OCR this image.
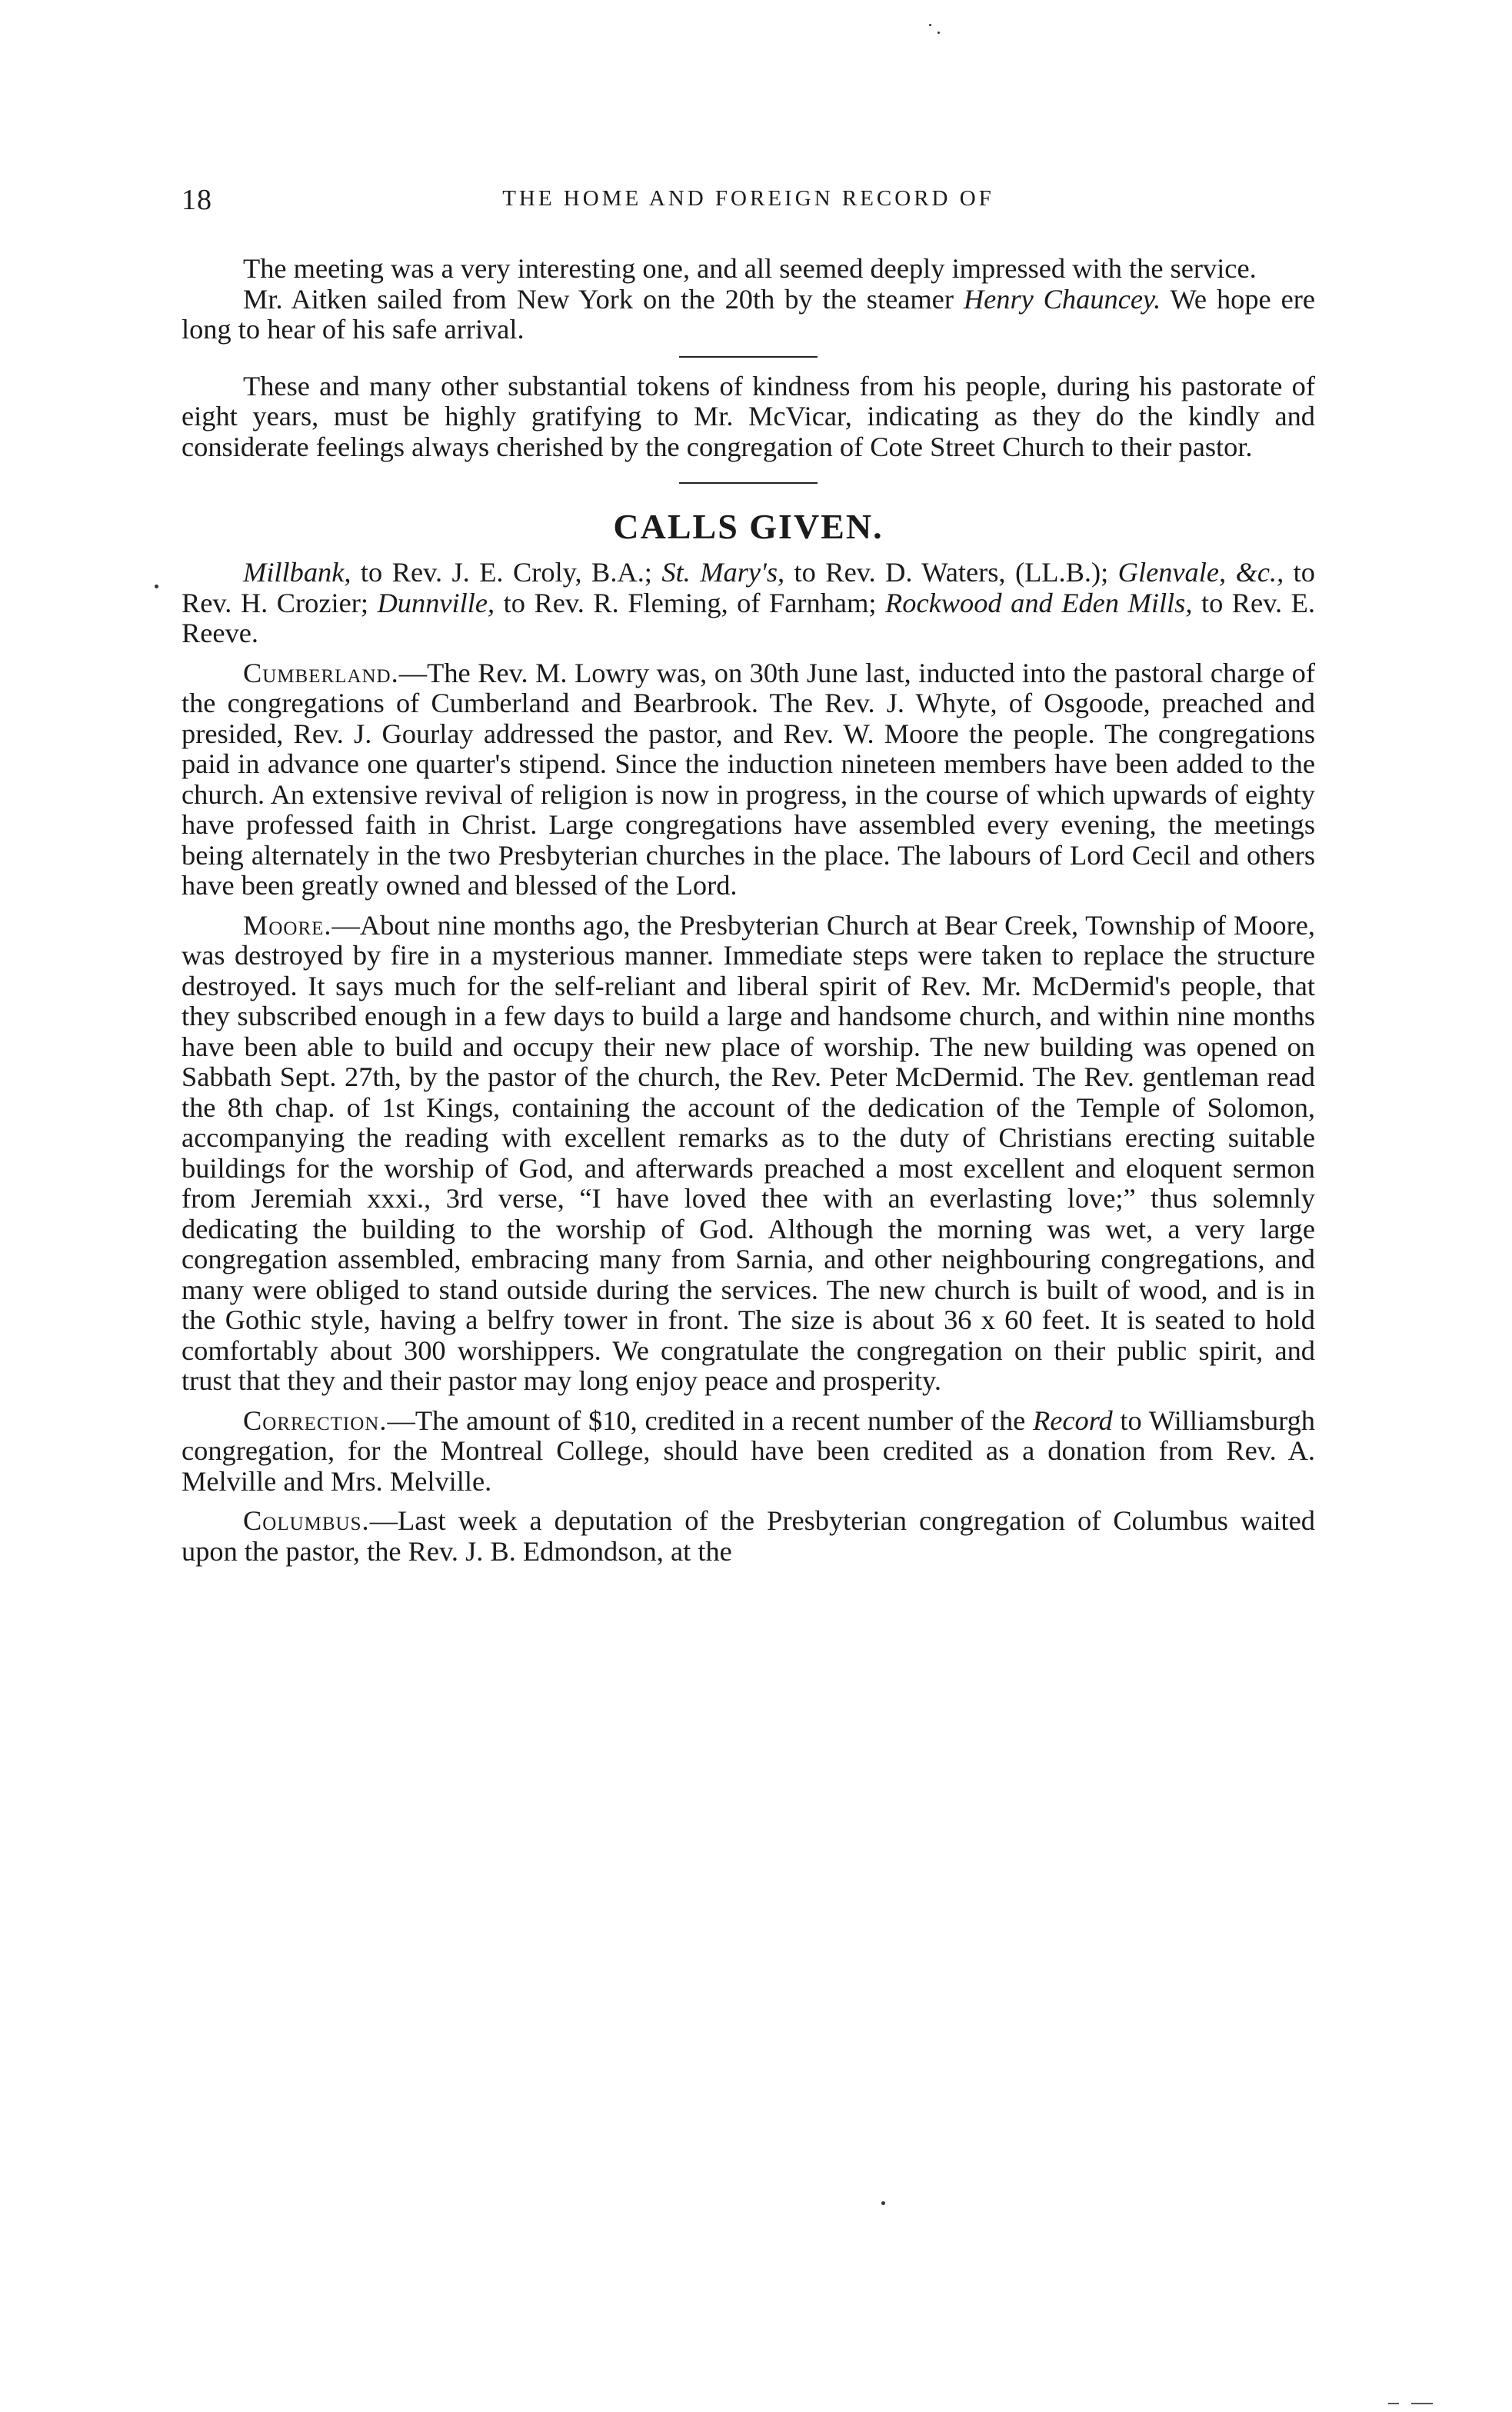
18	THE HOME AND FOREIGN RECORD OF

The meeting was a very interesting one, and all seemed deeply impressed with the service.

Mr. Aitken sailed from New York on the 20th by the steamer Henry Chauncey. We hope ere long to hear of his safe arrival.

These and many other substantial tokens of kindness from his people, during his pastorate of eight years, must be highly gratifying to Mr. McVicar, indicating as they do the kindly and considerate feelings always cherished by the congregation of Cote Street Church to their pastor.

CALLS GIVEN.

Millbank, to Rev. J. E. Croly, B.A.; St. Mary's, to Rev. D. Waters, (LL.B.); Glenvale, &c., to Rev. H. Crozier; Dunnville, to Rev. R. Fleming, of Farnham; Rockwood and Eden Mills, to Rev. E. Reeve.

Cumberland.—The Rev. M. Lowry was, on 30th June last, inducted into the pastoral charge of the congregations of Cumberland and Bearbrook. The Rev. J. Whyte, of Osgoode, preached and presided, Rev. J. Gourlay addressed the pastor, and Rev. W. Moore the people. The congregations paid in advance one quarter's stipend. Since the induction nineteen members have been added to the church. An extensive revival of religion is now in progress, in the course of which upwards of eighty have professed faith in Christ. Large congregations have assembled every evening, the meetings being alternately in the two Presbyterian churches in the place. The labours of Lord Cecil and others have been greatly owned and blessed of the Lord.

Moore.—About nine months ago, the Presbyterian Church at Bear Creek, Township of Moore, was destroyed by fire in a mysterious manner. Immediate steps were taken to replace the structure destroyed. It says much for the self-reliant and liberal spirit of Rev. Mr. McDermid's people, that they subscribed enough in a few days to build a large and handsome church, and within nine months have been able to build and occupy their new place of worship. The new building was opened on Sabbath Sept. 27th, by the pastor of the church, the Rev. Peter McDermid. The Rev. gentleman read the 8th chap. of 1st Kings, containing the account of the dedication of the Temple of Solomon, accompanying the reading with excellent remarks as to the duty of Christians erecting suitable buildings for the worship of God, and afterwards preached a most excellent and eloquent sermon from Jeremiah xxxi., 3rd verse, “I have loved thee with an everlasting love;” thus solemnly dedicating the building to the worship of God. Although the morning was wet, a very large congregation assembled, embracing many from Sarnia, and other neighbouring congregations, and many were obliged to stand outside during the services. The new church is built of wood, and is in the Gothic style, having a belfry tower in front. The size is about 36 x 60 feet. It is seated to hold comfortably about 300 worshippers. We congratulate the congregation on their public spirit, and trust that they and their pastor may long enjoy peace and prosperity.

Correction.—The amount of $10, credited in a recent number of the Record to Williamsburgh congregation, for the Montreal College, should have been credited as a donation from Rev. A. Melville and Mrs. Melville.

Columbus.—Last week a deputation of the Presbyterian congregation of Columbus waited upon the pastor, the Rev. J. B. Edmondson, at the
